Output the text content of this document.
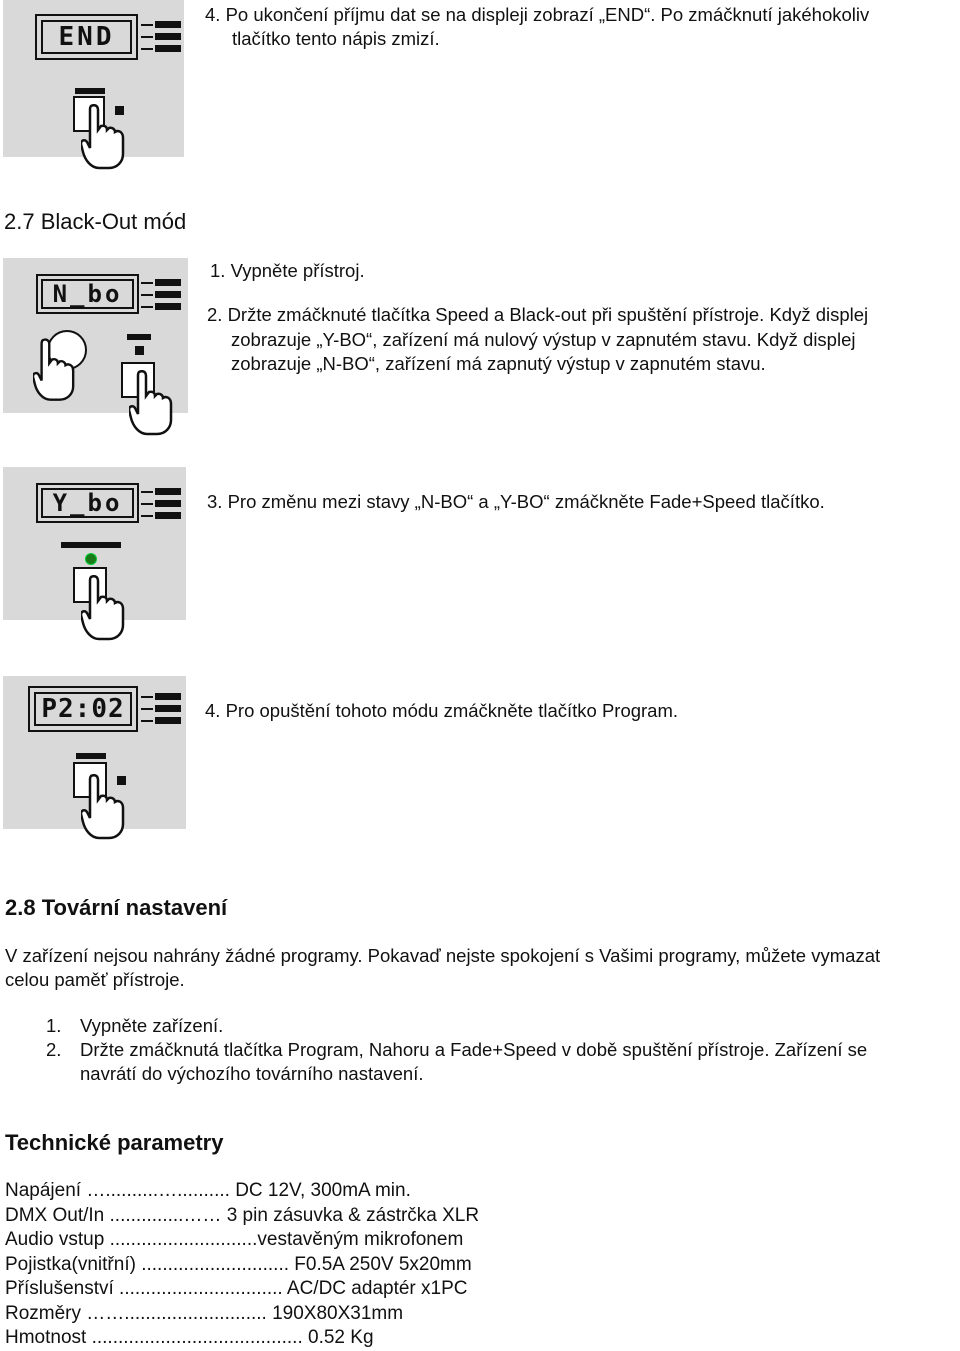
END
4. Po ukončení příjmu dat se na displeji zobrazí „END“. Po zmáčknutí jakéhokoliv
tlačítko tento nápis zmizí.
2.7 Black-Out mód
N_bo
1. Vypněte přístroj.
2. Držte zmáčknuté tlačítka Speed a Black-out při spuštění přístroje. Když displej
zobrazuje „Y-BO“, zařízení má nulový výstup v zapnutém stavu. Když displej
zobrazuje „N-BO“, zařízení má zapnutý výstup v zapnutém stavu.
Y_bo	3. Pro změnu mezi stavy „N-BO“ a „Y-BO“ zmáčkněte Fade+Speed tlačítko.
P2:02	4. Pro opuštění tohoto módu zmáčkněte tlačítko Program.
2.8 Tovární nastavení
V zařízení nejsou nahrány žádné programy. Pokavaď nejste spokojení s Vašimi programy, můžete vymazat
celou paměť přístroje.
1. Vypněte zařízení.
2. Držte zmáčknutá tlačítka Program, Nahoru a Fade+Speed v době spuštění přístroje. Zařízení se
navrátí do výchozího továrního nastavení.
Technické parametry
Napájení …..........….......... DC 12V, 300mA min.
DMX Out/In ..............…… 3 pin zásuvka & zástrčka XLR
Audio vstup ............................vestavěným mikrofonem
Pojistka(vnitřní) ............................ F0.5A 250V 5x20mm
Příslušenství ............................... AC/DC adaptér x1PC
Rozměry ……........................... 190X80X31mm
Hmotnost ........................................ 0.52 Kg
